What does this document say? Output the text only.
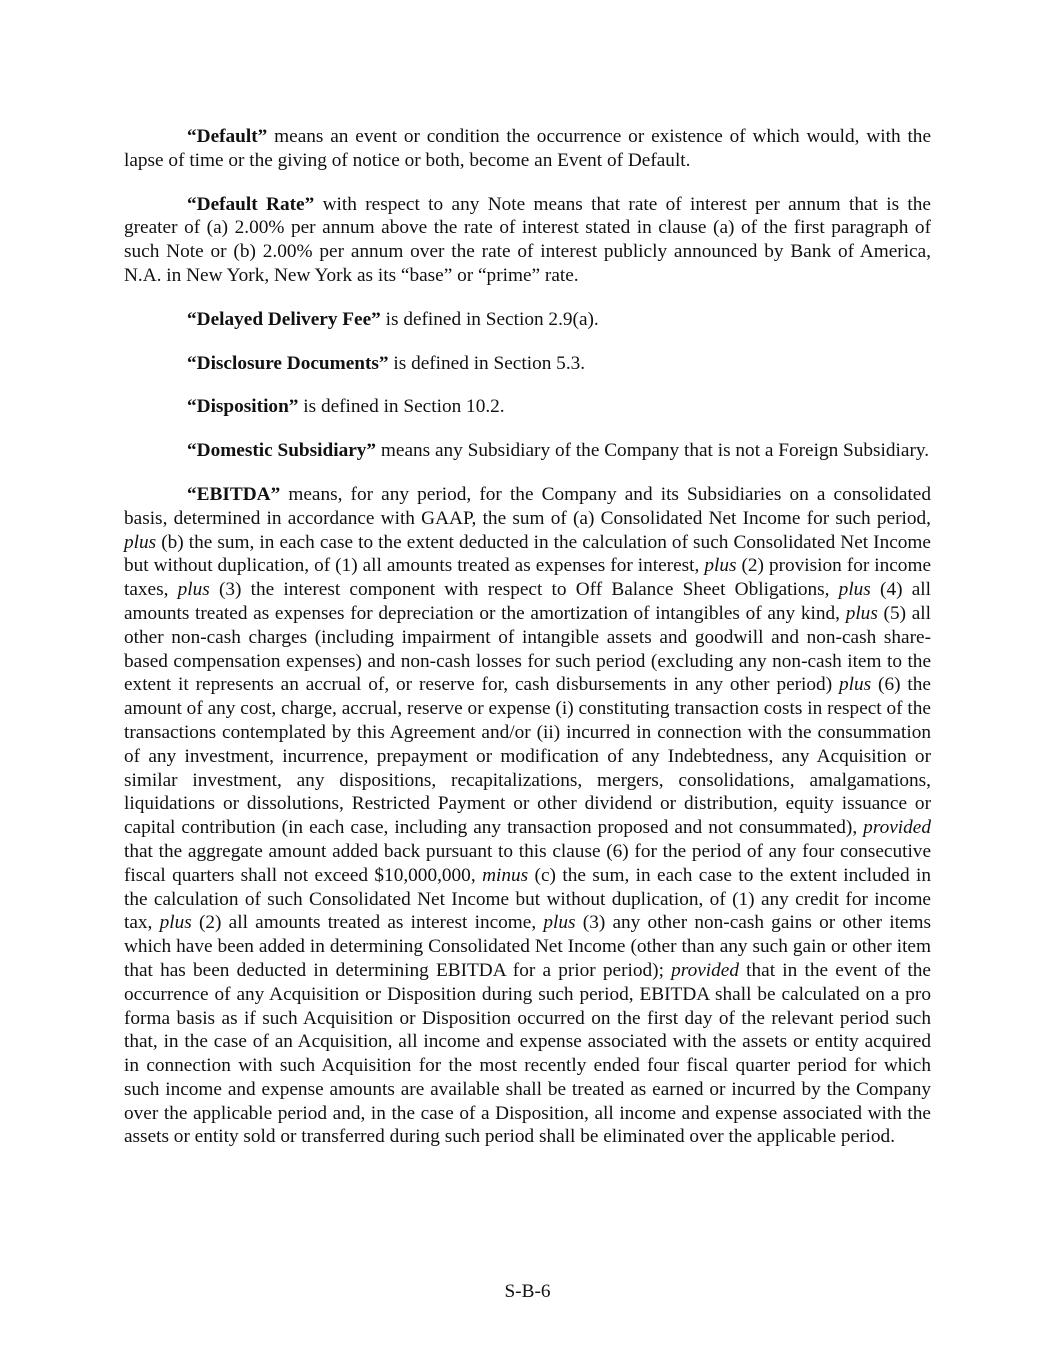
“Default” means an event or condition the occurrence or existence of which would, with the lapse of time or the giving of notice or both, become an Event of Default.

“Default Rate” with respect to any Note means that rate of interest per annum that is the greater of (a) 2.00% per annum above the rate of interest stated in clause (a) of the first paragraph of such Note or (b) 2.00% per annum over the rate of interest publicly announced by Bank of America, N.A. in New York, New York as its “base” or “prime” rate.

“Delayed Delivery Fee” is defined in Section 2.9(a).

“Disclosure Documents” is defined in Section 5.3.

“Disposition” is defined in Section 10.2.

“Domestic Subsidiary” means any Subsidiary of the Company that is not a Foreign Subsidiary.

“EBITDA” means, for any period, for the Company and its Subsidiaries on a consolidated basis, determined in accordance with GAAP, the sum of (a) Consolidated Net Income for such period, plus (b) the sum, in each case to the extent deducted in the calculation of such Consolidated Net Income but without duplication, of (1) all amounts treated as expenses for interest, plus (2) provision for income taxes, plus (3) the interest component with respect to Off Balance Sheet Obligations, plus (4) all amounts treated as expenses for depreciation or the amortization of intangibles of any kind, plus (5) all other non-cash charges (including impairment of intangible assets and goodwill and non-cash share-based compensation expenses) and non-cash losses for such period (excluding any non-cash item to the extent it represents an accrual of, or reserve for, cash disbursements in any other period) plus (6) the amount of any cost, charge, accrual, reserve or expense (i) constituting transaction costs in respect of the transactions contemplated by this Agreement and/or (ii) incurred in connection with the consummation of any investment, incurrence, prepayment or modification of any Indebtedness, any Acquisition or similar investment, any dispositions, recapitalizations, mergers, consolidations, amalgamations, liquidations or dissolutions, Restricted Payment or other dividend or distribution, equity issuance or capital contribution (in each case, including any transaction proposed and not consummated), provided that the aggregate amount added back pursuant to this clause (6) for the period of any four consecutive fiscal quarters shall not exceed $10,000,000, minus (c) the sum, in each case to the extent included in the calculation of such Consolidated Net Income but without duplication, of (1) any credit for income tax, plus (2) all amounts treated as interest income, plus (3) any other non-cash gains or other items which have been added in determining Consolidated Net Income (other than any such gain or other item that has been deducted in determining EBITDA for a prior period); provided that in the event of the occurrence of any Acquisition or Disposition during such period, EBITDA shall be calculated on a pro forma basis as if such Acquisition or Disposition occurred on the first day of the relevant period such that, in the case of an Acquisition, all income and expense associated with the assets or entity acquired in connection with such Acquisition for the most recently ended four fiscal quarter period for which such income and expense amounts are available shall be treated as earned or incurred by the Company over the applicable period and, in the case of a Disposition, all income and expense associated with the assets or entity sold or transferred during such period shall be eliminated over the applicable period.

S-B-6
